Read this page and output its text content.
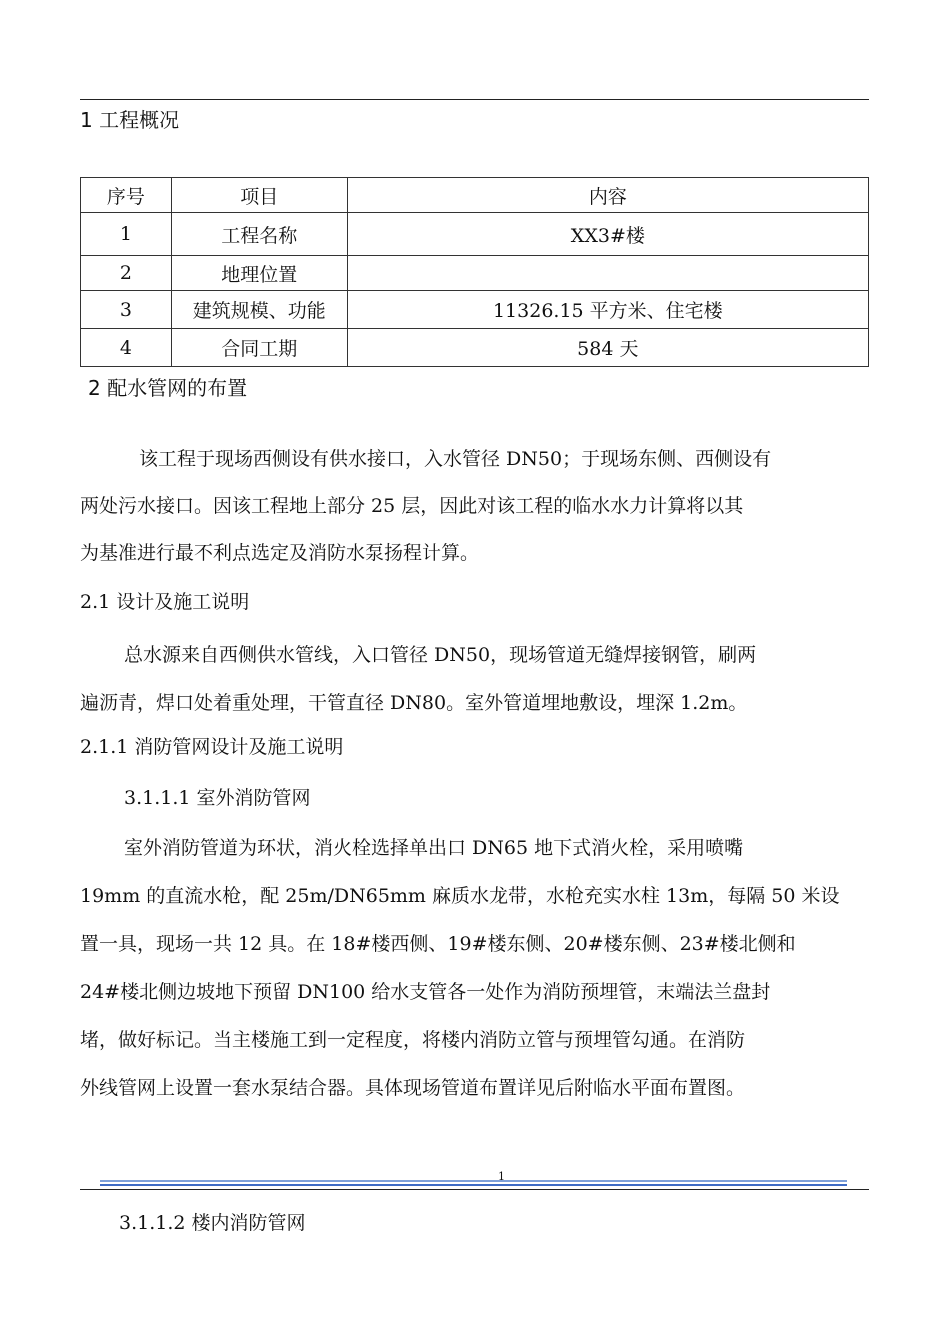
1 工程概况
序号	项目	内容
1	工程名称	XX3#楼
2	地理位置	
3	建筑规模、功能	11326.15 平方米、住宅楼
4	合同工期	584 天
2 配水管网的布置
该工程于现场西侧设有供水接口，入水管径 DN50；于现场东侧、西侧设有
两处污水接口。因该工程地上部分 25 层，因此对该工程的临水水力计算将以其
为基准进行最不利点选定及消防水泵扬程计算。
2.1 设计及施工说明
总水源来自西侧供水管线，入口管径 DN50，现场管道无缝焊接钢管，刷两
遍沥青，焊口处着重处理，干管直径 DN80。室外管道埋地敷设，埋深 1.2m。
2.1.1 消防管网设计及施工说明
3.1.1.1 室外消防管网
室外消防管道为环状，消火栓选择单出口 DN65 地下式消火栓，采用喷嘴
19mm 的直流水枪，配 25m/DN65mm 麻质水龙带，水枪充实水柱 13m，每隔 50 米设
置一具，现场一共 12 具。在 18#楼西侧、19#楼东侧、20#楼东侧、23#楼北侧和
24#楼北侧边坡地下预留 DN100 给水支管各一处作为消防预埋管，末端法兰盘封
堵，做好标记。当主楼施工到一定程度，将楼内消防立管与预埋管勾通。在消防
外线管网上设置一套水泵结合器。具体现场管道布置详见后附临水平面布置图。
1
3.1.1.2 楼内消防管网
